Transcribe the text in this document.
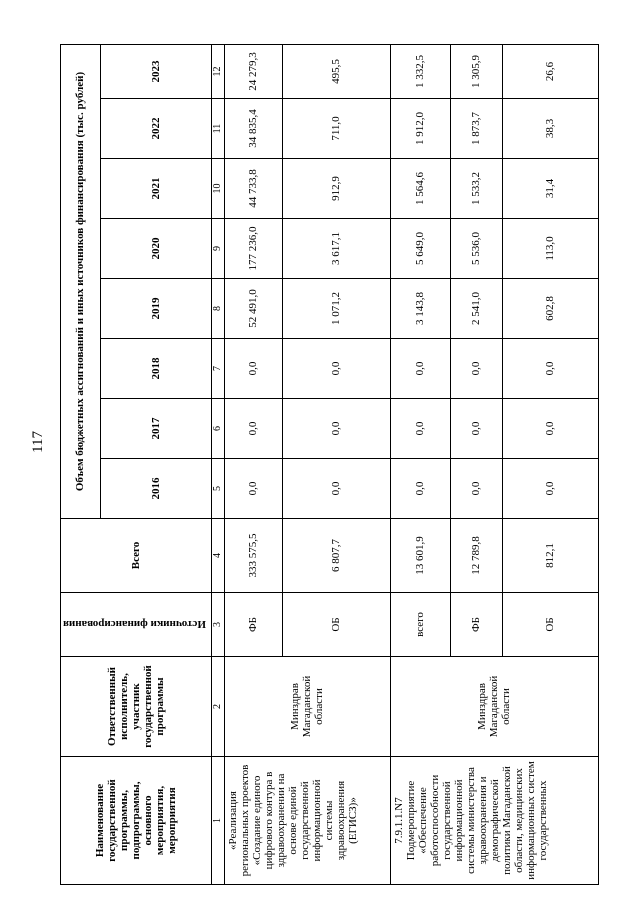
117
Наименование государственной программы, подпрограммы, основного мероприятия, мероприятия	Ответственный исполнитель, участник государственной программы	Источники финансирования	Всего	Объем бюджетных ассигнований и иных источников финансирования (тыс. рублей)							
				2016	2017	2018	2019	2020	2021	2022	2023
1	2	3	4	5	6	7	8	9	10	11	12
«Реализация региональных проектов «Создание единого цифрового контура в здравоохранении на основе единой государственной информационной системы здравоохранения (ЕГИСЗ)»	Минздрав Магаданской области	ФБ	333 575,5	0,0	0,0	0,0	52 491,0	177 236,0	44 733,8	34 835,4	24 279,3
		ОБ	6 807,7	0,0	0,0	0,0	1 071,2	3 617,1	912,9	711,0	495,5
7.9.1.1.N7 Подмероприятие «Обеспечение работоспособности государственной информационной системы министерства здравоохранения и демографической политики Магаданской области, медицинских информационных систем государственных	Минздрав Магаданской области	всего	13 601,9	0,0	0,0	0,0	3 143,8	5 649,0	1 564,6	1 912,0	1 332,5
		ФБ	12 789,8	0,0	0,0	0,0	2 541,0	5 536,0	1 533,2	1 873,7	1 305,9
		ОБ	812,1	0,0	0,0	0,0	602,8	113,0	31,4	38,3	26,6
